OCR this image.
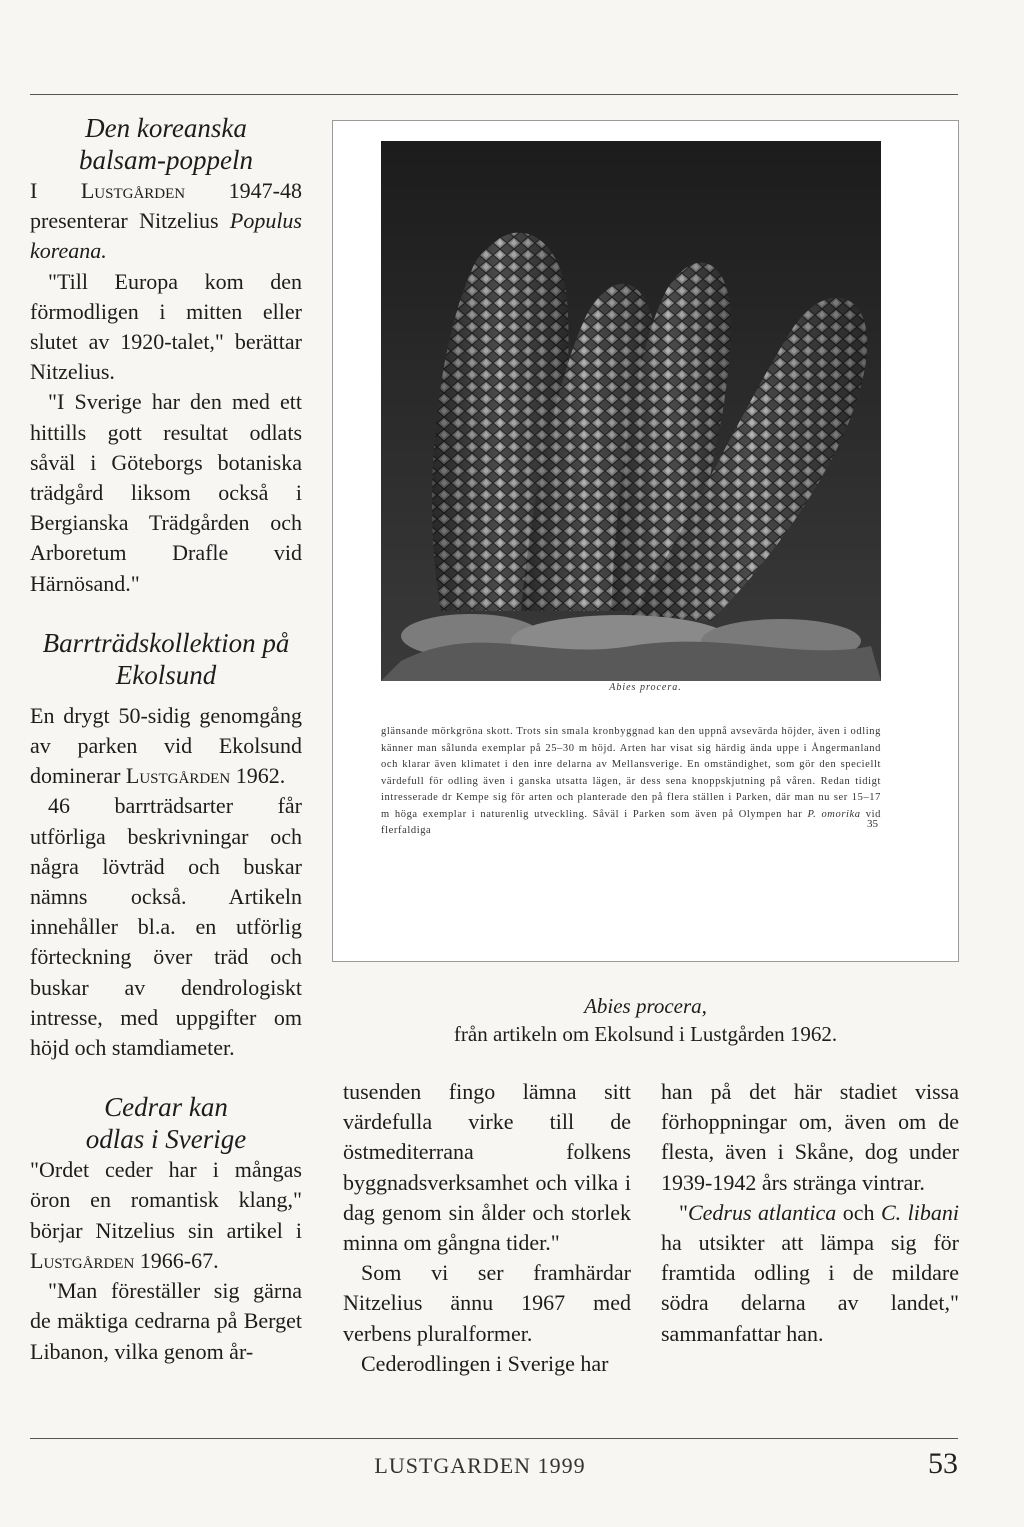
Den koreanska balsam-poppeln

I Lustgården 1947-48 presenterar Nitzelius Populus koreana.

"Till Europa kom den förmodligen i mitten eller slutet av 1920-talet," berättar Nitzelius.

"I Sverige har den med ett hittills gott resultat odlats såväl i Göteborgs botaniska trädgård liksom också i Bergianska Trädgården och Arboretum Drafle vid Härnösand."

Barrträdskollektion på Ekolsund

En drygt 50-sidig genomgång av parken vid Ekolsund dominerar Lustgården 1962.

46 barrträdsarter får utförliga beskrivningar och några lövträd och buskar nämns också. Artikeln innehåller bl.a. en utförlig förteckning över träd och buskar av dendrologiskt intresse, med uppgifter om höjd och stamdiameter.

Cedrar kan odlas i Sverige

"Ordet ceder har i mångas öron en romantisk klang," börjar Nitzelius sin artikel i Lustgården 1966-67.

"Man föreställer sig gärna de mäktiga cedrarna på Berget Libanon, vilka genom år-

Abies procera.
glänsande mörkgröna skott. Trots sin smala kronbyggnad kan den uppnå avsevärda höjder, även i odling känner man sålunda exemplar på 25–30 m höjd. Arten har visat sig härdig ända uppe i Ångermanland och klarar även klimatet i den inre delarna av Mellansverige. En omständighet, som gör den speciellt värdefull för odling även i ganska utsatta lägen, är dess sena knoppskjutning på våren. Redan tidigt intresserade dr Kempe sig för arten och planterade den på flera ställen i Parken, där man nu ser 15–17 m höga exemplar i naturenlig utveckling. Såväl i Parken som även på Olympen har P. omorika vid flerfaldiga
35
Abies procera,
från artikeln om Ekolsund i Lustgården 1962.

tusenden fingo lämna sitt värdefulla virke till de östmediterrana folkens byggnadsverksamhet och vilka i dag genom sin ålder och storlek minna om gångna tider."

Som vi ser framhärdar Nitzelius ännu 1967 med verbens pluralformer.

Cederodlingen i Sverige har

han på det här stadiet vissa förhoppningar om, även om de flesta, även i Skåne, dog under 1939-1942 års stränga vintrar.

"Cedrus atlantica och C. libani ha utsikter att lämpa sig för framtida odling i de mildare södra delarna av landet," sammanfattar han.

LUSTGARDEN 1999	53
